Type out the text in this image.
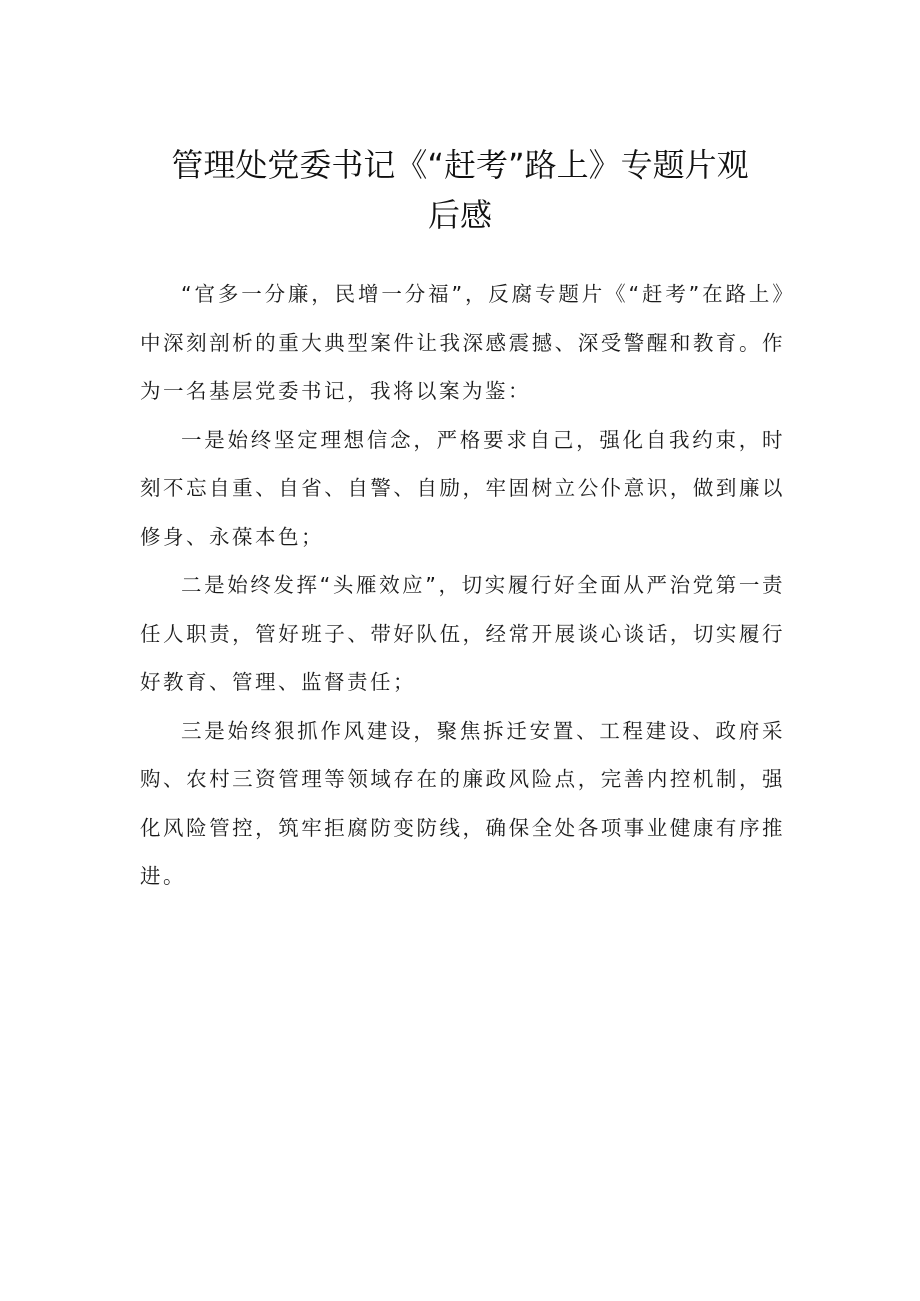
管理处党委书记《“赶考”路上》专题片观
后感

“官多一分廉，民增一分福”，反腐专题片《“赶考”在路上》中深刻剖析的重大典型案件让我深感震撼、深受警醒和教育。作为一名基层党委书记，我将以案为鉴：

一是始终坚定理想信念，严格要求自己，强化自我约束，时刻不忘自重、自省、自警、自励，牢固树立公仆意识，做到廉以修身、永葆本色；

二是始终发挥“头雁效应”，切实履行好全面从严治党第一责任人职责，管好班子、带好队伍，经常开展谈心谈话，切实履行好教育、管理、监督责任；

三是始终狠抓作风建设，聚焦拆迁安置、工程建设、政府采购、农村三资管理等领域存在的廉政风险点，完善内控机制，强化风险管控，筑牢拒腐防变防线，确保全处各项事业健康有序推进。
